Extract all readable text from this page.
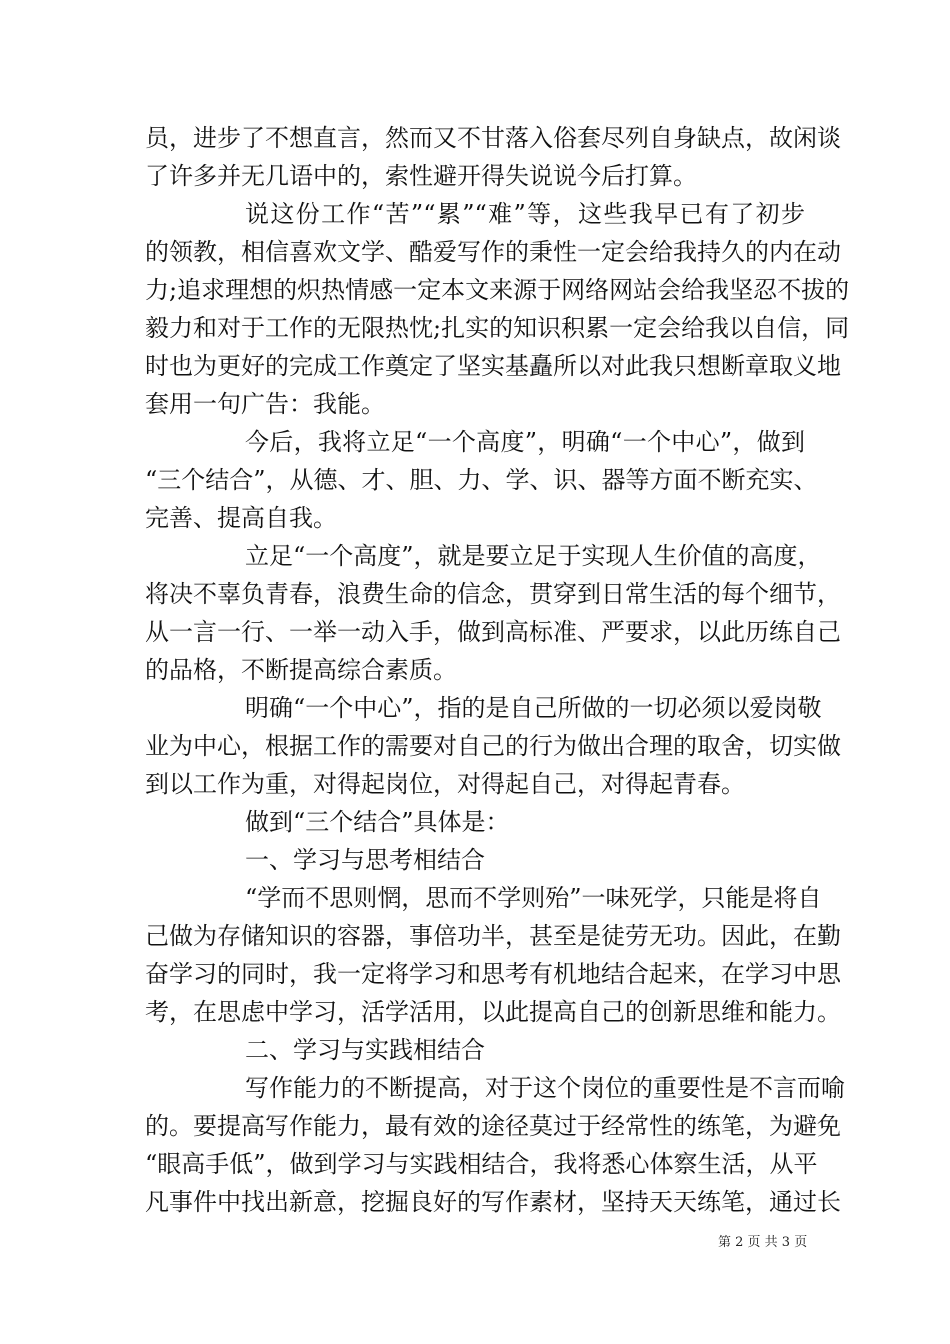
员，进步了不想直言，然而又不甘落入俗套尽列自身缺点，故闲谈
了许多并无几语中的，索性避开得失说说今后打算。
说这份工作“苦”“累”“难”等，这些我早已有了初步
的领教，相信喜欢文学、酷爱写作的秉性一定会给我持久的内在动
力;追求理想的炽热情感一定本文来源于网络网站会给我坚忍不拔的
毅力和对于工作的无限热忱;扎实的知识积累一定会给我以自信，同
时也为更好的完成工作奠定了坚实基矗所以对此我只想断章取义地
套用一句广告：我能。
今后，我将立足“一个高度”，明确“一个中心”，做到
“三个结合”，从德、才、胆、力、学、识、器等方面不断充实、
完善、提高自我。
立足“一个高度”，就是要立足于实现人生价值的高度，
将决不辜负青春，浪费生命的信念，贯穿到日常生活的每个细节，
从一言一行、一举一动入手，做到高标准、严要求，以此历练自己
的品格，不断提高综合素质。
明确“一个中心”，指的是自己所做的一切必须以爱岗敬
业为中心，根据工作的需要对自己的行为做出合理的取舍，切实做
到以工作为重，对得起岗位，对得起自己，对得起青春。
做到“三个结合”具体是：
一、学习与思考相结合
“学而不思则惘，思而不学则殆”一味死学，只能是将自
己做为存储知识的容器，事倍功半，甚至是徒劳无功。因此，在勤
奋学习的同时，我一定将学习和思考有机地结合起来，在学习中思
考，在思虑中学习，活学活用，以此提高自己的创新思维和能力。
二、学习与实践相结合
写作能力的不断提高，对于这个岗位的重要性是不言而喻
的。要提高写作能力，最有效的途径莫过于经常性的练笔，为避免
“眼高手低”，做到学习与实践相结合，我将悉心体察生活，从平
凡事件中找出新意，挖掘良好的写作素材，坚持天天练笔，通过长
第 2 页 共 3 页
